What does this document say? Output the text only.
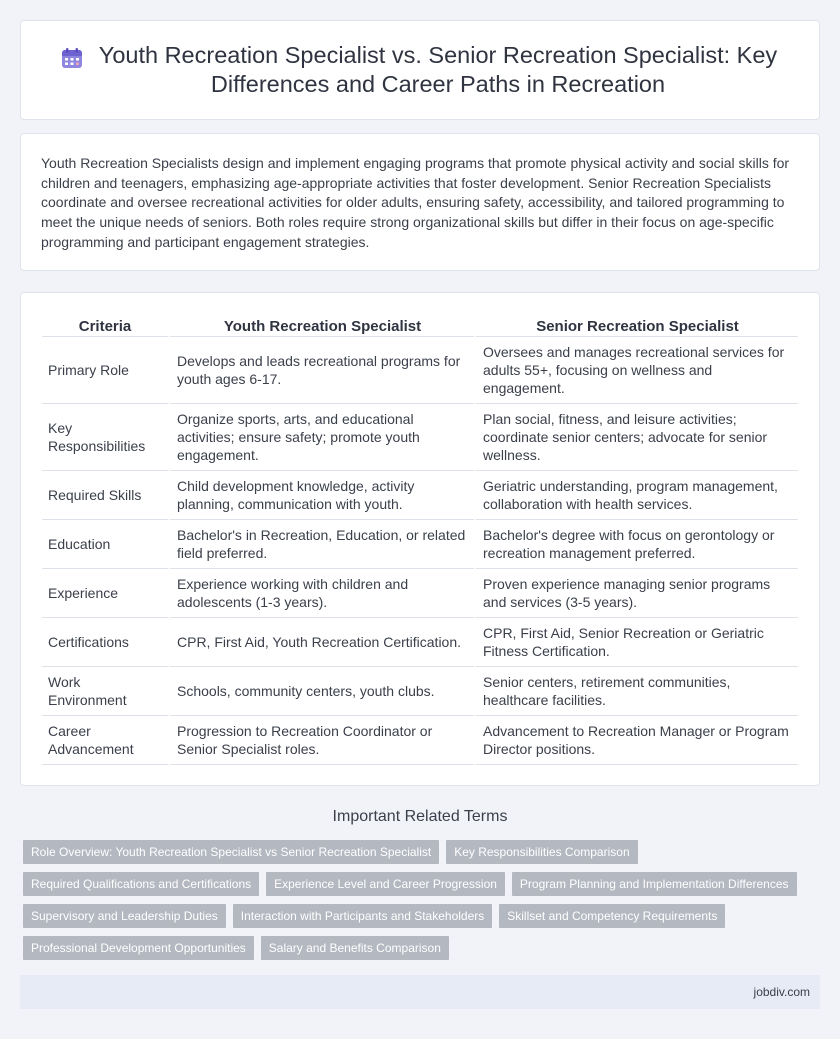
Youth Recreation Specialist vs. Senior Recreation Specialist: Key Differences and Career Paths in Recreation

Youth Recreation Specialists design and implement engaging programs that promote physical activity and social skills for children and teenagers, emphasizing age-appropriate activities that foster development. Senior Recreation Specialists coordinate and oversee recreational activities for older adults, ensuring safety, accessibility, and tailored programming to meet the unique needs of seniors. Both roles require strong organizational skills but differ in their focus on age-specific programming and participant engagement strategies.

Criteria	Youth Recreation Specialist	Senior Recreation Specialist
Primary Role	Develops and leads recreational programs for youth ages 6-17.	Oversees and manages recreational services for adults 55+, focusing on wellness and engagement.
Key Responsibilities	Organize sports, arts, and educational activities; ensure safety; promote youth engagement.	Plan social, fitness, and leisure activities; coordinate senior centers; advocate for senior wellness.
Required Skills	Child development knowledge, activity planning, communication with youth.	Geriatric understanding, program management, collaboration with health services.
Education	Bachelor's in Recreation, Education, or related field preferred.	Bachelor's degree with focus on gerontology or recreation management preferred.
Experience	Experience working with children and adolescents (1-3 years).	Proven experience managing senior programs and services (3-5 years).
Certifications	CPR, First Aid, Youth Recreation Certification.	CPR, First Aid, Senior Recreation or Geriatric Fitness Certification.
Work Environment	Schools, community centers, youth clubs.	Senior centers, retirement communities, healthcare facilities.
Career Advancement	Progression to Recreation Coordinator or Senior Specialist roles.	Advancement to Recreation Manager or Program Director positions.
Important Related Terms
Role Overview: Youth Recreation Specialist vs Senior Recreation Specialist	Key Responsibilities Comparison
Required Qualifications and Certifications	Experience Level and Career Progression	Program Planning and Implementation Differences
Supervisory and Leadership Duties	Interaction with Participants and Stakeholders	Skillset and Competency Requirements
Professional Development Opportunities	Salary and Benefits Comparison
jobdiv.com
